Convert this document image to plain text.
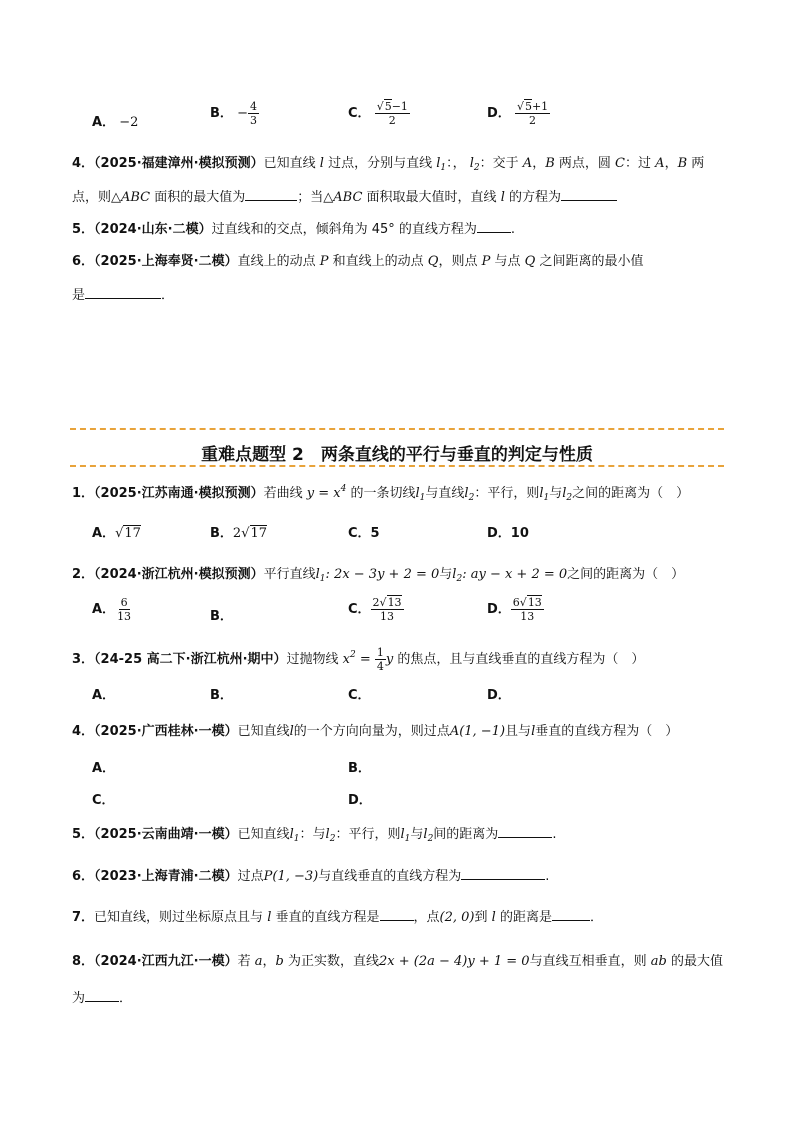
A． −2
B． − $\frac{4}{3}$	C． $\frac{√5-1}{2}$	D． $\frac{√5+1}{2}$
4．（2025·福建漳州·模拟预测）已知直线 l 过点，分别与直线 $l_1$：， $l_2$：交于 A，B 两点，圆 C：过 A，B 两
点，则△ABC 面积的最大值为	；当△ABC 面积取最大值时，直线 l 的方程为
5．（2024·山东·二模）过直线和的交点，倾斜角为 45° 的直线方程为	.
6．（2025·上海奉贤·二模）直线上的动点 P 和直线上的动点 Q，则点 P 与点 Q 之间距离的最小值
是	．
重难点题型 2　两条直线的平行与垂直的判定与性质
1．（2025·江苏南通·模拟预测）若曲线 $y = x^4$ 的一条切线$l_1$与直线$l_2$：平行，则$l_1$与$l_2$之间的距离为（　）
A．√17	B．2√17	C．5	D．10
2．（2024·浙江杭州·模拟预测）平行直线$l_1$: 2x − 3y + 2 = 0与$l_2$: ay − x + 2 = 0之间的距离为（　）
A． $\frac{6}{13}$	B．	C． $\frac{2√13}{13}$	D． $\frac{6√13}{13}$
3．（24-25 高二下·浙江杭州·期中）过抛物线 $x^2 = \frac{1}{4}$ y 的焦点，且与直线垂直的直线方程为（　）
A．	B．	C．	D．
4．（2025·广西桂林·一模）已知直线l的一个方向向量为，则过点A(1, −1)且与l垂直的直线方程为（　）
A．	B．
C．	D．
5．（2025·云南曲靖·一模）已知直线$l_1$：与$l_2$：平行，则$l_1$与$l_2$间的距离为	.
6．（2023·上海青浦·二模）过点P(1, −3)与直线垂直的直线方程为	.
7．已知直线，则过坐标原点且与 l 垂直的直线方程是	，点(2, 0)到 l 的距离是	．
8．（2024·江西九江·一模）若 a，b 为正实数，直线2x + (2a − 4)y + 1 = 0与直线互相垂直，则 ab 的最大值
为	．
